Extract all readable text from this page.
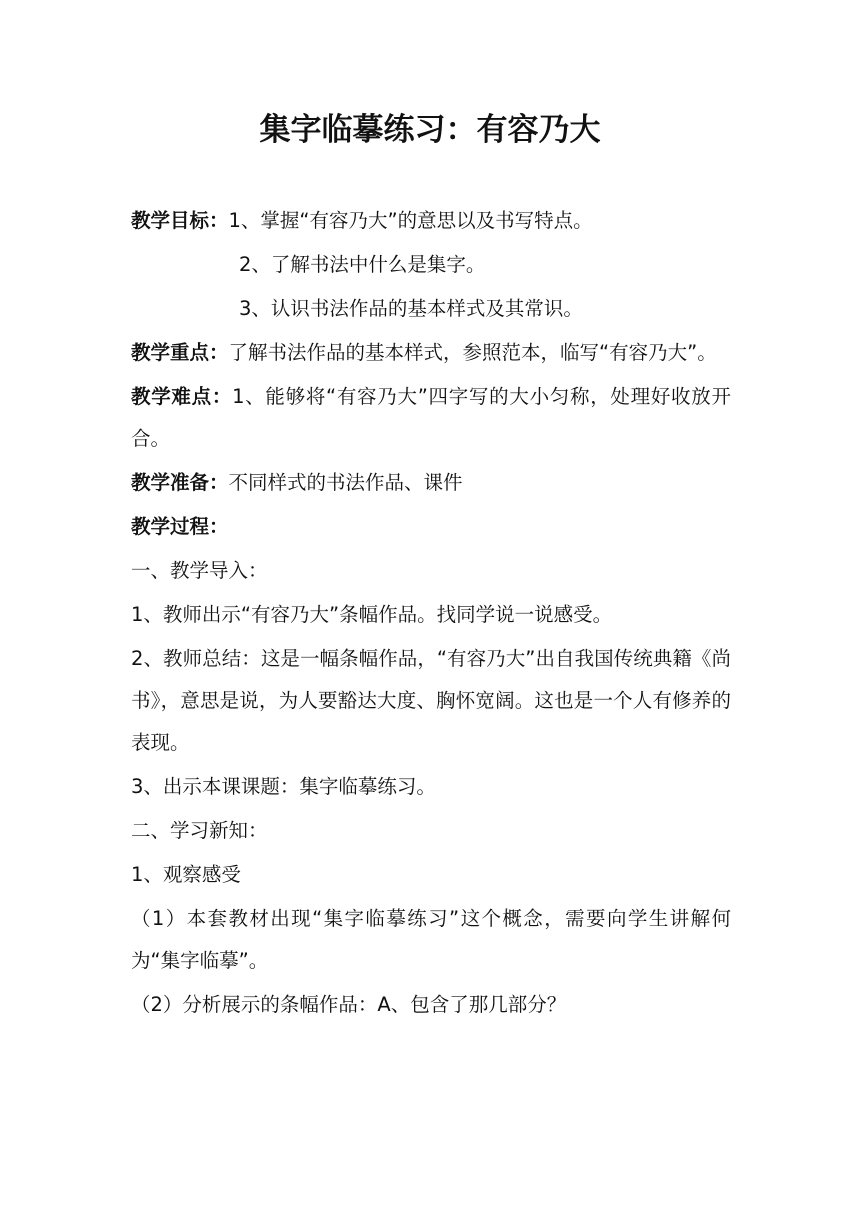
集字临摹练习：有容乃大

教学目标：1、掌握“有容乃大”的意思以及书写特点。

2、了解书法中什么是集字。

3、认识书法作品的基本样式及其常识。

教学重点：了解书法作品的基本样式，参照范本，临写“有容乃大”。

教学难点：1、能够将“有容乃大”四字写的大小匀称，处理好收放开合。

教学准备：不同样式的书法作品、课件

教学过程：

一、教学导入：

1、教师出示“有容乃大”条幅作品。找同学说一说感受。

2、教师总结：这是一幅条幅作品，“有容乃大”出自我国传统典籍《尚书》，意思是说，为人要豁达大度、胸怀宽阔。这也是一个人有修养的表现。

3、出示本课课题：集字临摹练习。

二、学习新知：

1、观察感受

（1）本套教材出现“集字临摹练习”这个概念，需要向学生讲解何为“集字临摹”。

（2）分析展示的条幅作品：A、包含了那几部分？
